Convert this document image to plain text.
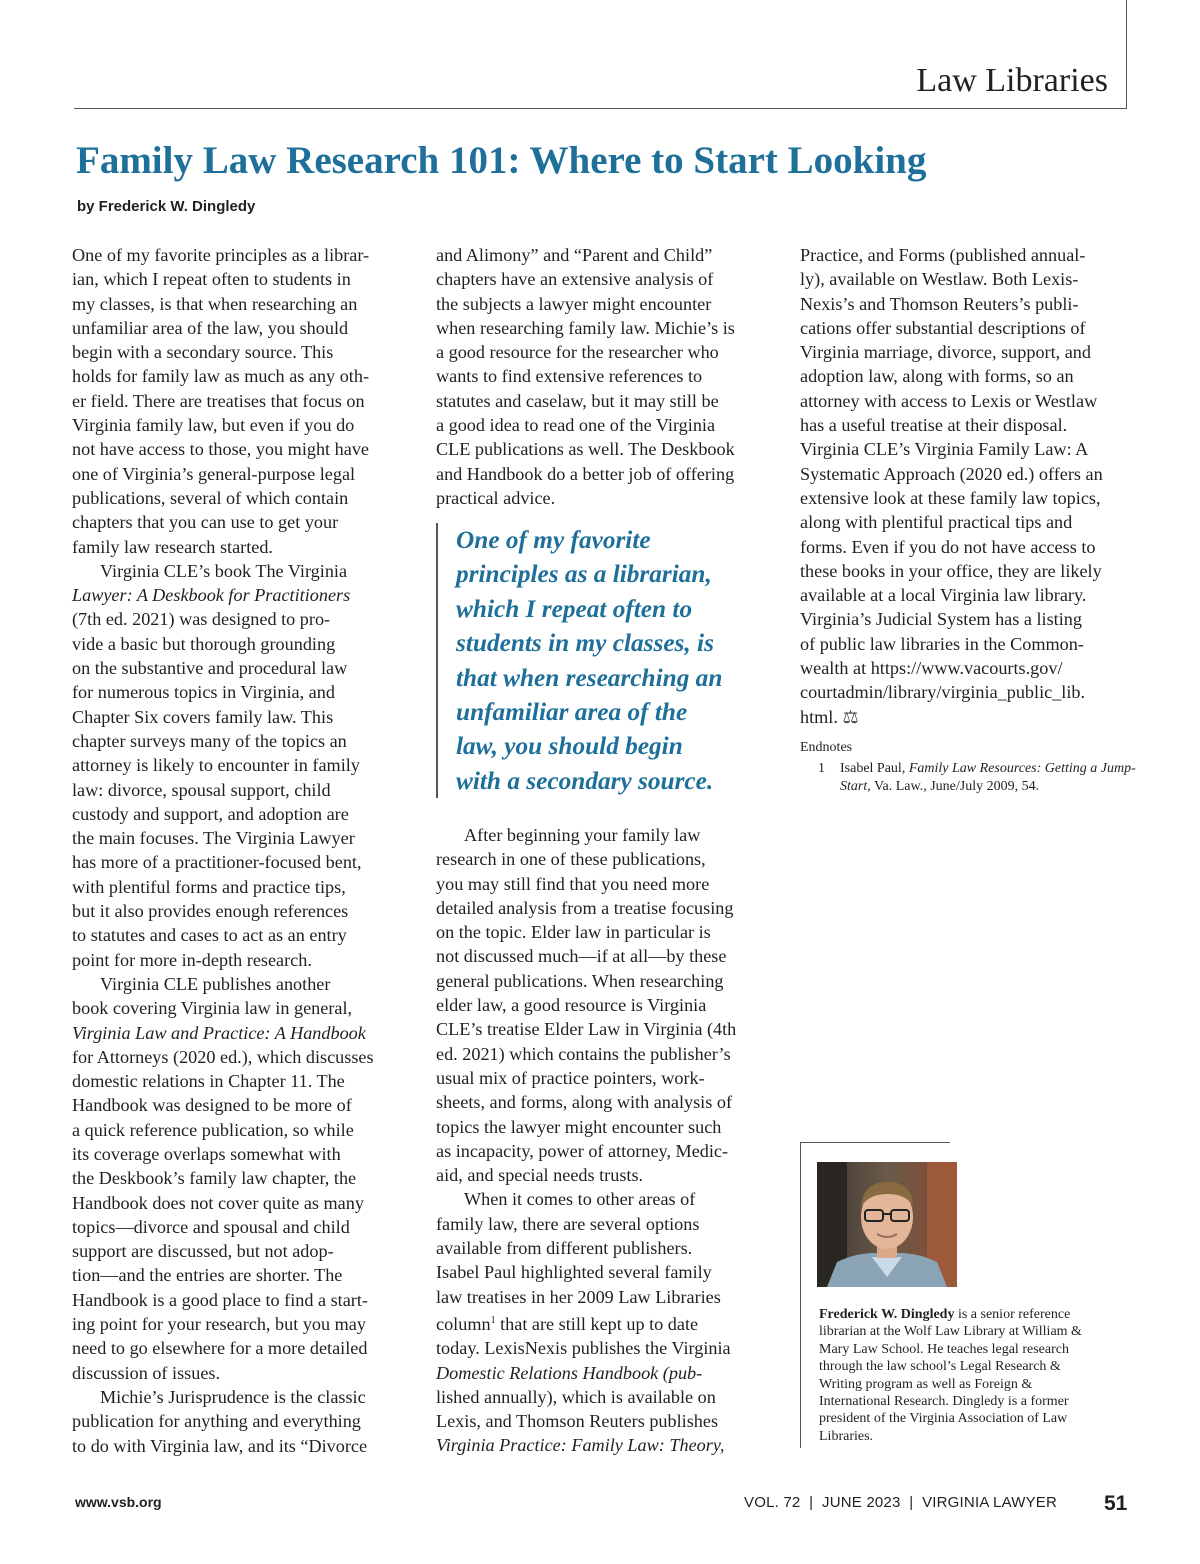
Law Libraries
Family Law Research 101: Where to Start Looking
by Frederick W. Dingledy
One of my favorite principles as a librar-
ian, which I repeat often to students in
my classes, is that when researching an
unfamiliar area of the law, you should
begin with a secondary source. This
holds for family law as much as any oth-
er field. There are treatises that focus on
Virginia family law, but even if you do
not have access to those, you might have
one of Virginia’s general-purpose legal
publications, several of which contain
chapters that you can use to get your
family law research started.
Virginia CLE’s book The Virginia
Lawyer: A Deskbook for Practitioners
(7th ed. 2021) was designed to pro-
vide a basic but thorough grounding
on the substantive and procedural law
for numerous topics in Virginia, and
Chapter Six covers family law. This
chapter surveys many of the topics an
attorney is likely to encounter in family
law: divorce, spousal support, child
custody and support, and adoption are
the main focuses. The Virginia Lawyer
has more of a practitioner-focused bent,
with plentiful forms and practice tips,
but it also provides enough references
to statutes and cases to act as an entry
point for more in-depth research.
Virginia CLE publishes another
book covering Virginia law in general,
Virginia Law and Practice: A Handbook
for Attorneys (2020 ed.), which discusses
domestic relations in Chapter 11. The
Handbook was designed to be more of
a quick reference publication, so while
its coverage overlaps somewhat with
the Deskbook’s family law chapter, the
Handbook does not cover quite as many
topics—divorce and spousal and child
support are discussed, but not adop-
tion—and the entries are shorter. The
Handbook is a good place to find a start-
ing point for your research, but you may
need to go elsewhere for a more detailed
discussion of issues.
Michie’s Jurisprudence is the classic
publication for anything and everything
to do with Virginia law, and its “Divorce
and Alimony” and “Parent and Child”
chapters have an extensive analysis of
the subjects a lawyer might encounter
when researching family law. Michie’s is
a good resource for the researcher who
wants to find extensive references to
statutes and caselaw, but it may still be
a good idea to read one of the Virginia
CLE publications as well. The Deskbook
and Handbook do a better job of offering
practical advice.
One of my favorite
principles as a librarian,
which I repeat often to
students in my classes, is
that when researching an
unfamiliar area of the
law, you should begin
with a secondary source.
After beginning your family law
research in one of these publications,
you may still find that you need more
detailed analysis from a treatise focusing
on the topic. Elder law in particular is
not discussed much—if at all—by these
general publications. When researching
elder law, a good resource is Virginia
CLE’s treatise Elder Law in Virginia (4th
ed. 2021) which contains the publisher’s
usual mix of practice pointers, work-
sheets, and forms, along with analysis of
topics the lawyer might encounter such
as incapacity, power of attorney, Medic-
aid, and special needs trusts.
When it comes to other areas of
family law, there are several options
available from different publishers.
Isabel Paul highlighted several family
law treatises in her 2009 Law Libraries
column$^1$ that are still kept up to date
today. LexisNexis publishes the Virginia
Domestic Relations Handbook (pub-
lished annually), which is available on
Lexis, and Thomson Reuters publishes
Virginia Practice: Family Law: Theory,
Practice, and Forms (published annual-
ly), available on Westlaw. Both Lexis-
Nexis’s and Thomson Reuters’s publi-
cations offer substantial descriptions of
Virginia marriage, divorce, support, and
adoption law, along with forms, so an
attorney with access to Lexis or Westlaw
has a useful treatise at their disposal.
Virginia CLE’s Virginia Family Law: A
Systematic Approach (2020 ed.) offers an
extensive look at these family law topics,
along with plentiful practical tips and
forms. Even if you do not have access to
these books in your office, they are likely
available at a local Virginia law library.
Virginia’s Judicial System has a listing
of public law libraries in the Common-
wealth at https://www.vacourts.gov/
courtadmin/library/virginia_public_lib.
html. ⚖
Endnotes
1 Isabel Paul, Family Law Resources: Getting a Jump-Start, Va. Law., June/July 2009, 54.
Frederick W. Dingledy is a senior reference librarian at the Wolf Law Library at William & Mary Law School. He teaches legal research through the law school’s Legal Research & Writing program as well as Foreign & International Research. Dingledy is a former president of the Virginia Association of Law Libraries.
www.vsb.org	VOL. 72  |  JUNE 2023  |  VIRGINIA LAWYER 51
